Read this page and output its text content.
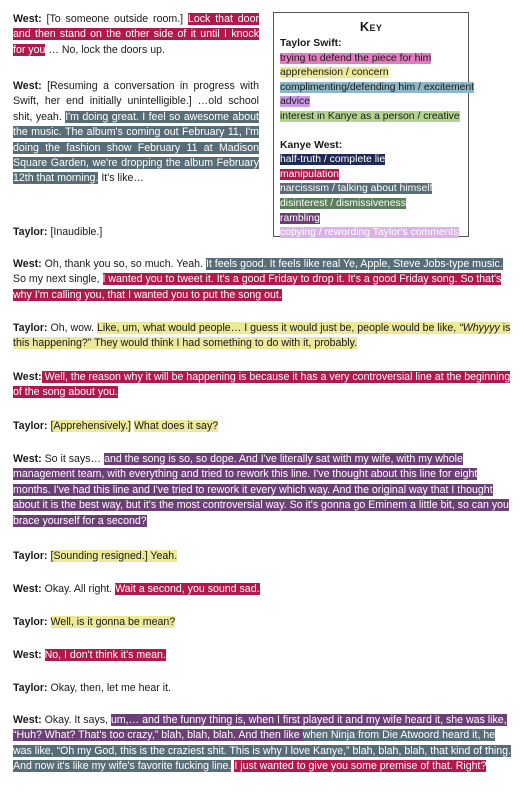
Key
Taylor Swift:
trying to defend the piece for him
apprehension / concern
complimenting/defending him / excitement
advice
interest in Kanye as a person / creative
Kanye West:
half-truth / complete lie
manipulation
narcissism / talking about himself
disinterest / dismissiveness
rambling
copying / rewording Taylor's comments

West: [To someone outside room.] Lock that door and then stand on the other side of it until I knock for you … No, lock the doors up.

West: [Resuming a conversation in progress with Swift, her end initially unintelligible.] …old school shit, yeah. I'm doing great. I feel so awesome about the music. The album's coming out February 11, I'm doing the fashion show February 11 at Madison Square Garden, we're dropping the album February 12th that morning. It's like…

Taylor: [Inaudible.]

West: Oh, thank you so, so much. Yeah. It feels good. It feels like real Ye, Apple, Steve Jobs-type music. So my next single, I wanted you to tweet it. It's a good Friday to drop it. It's a good Friday song. So that's why I'm calling you, that I wanted you to put the song out.

Taylor: Oh, wow. Like, um, what would people… I guess it would just be, people would be like, “Whyyyy is this happening?” They would think I had something to do with it, probably.

West: Well, the reason why it will be happening is because it has a very controversial line at the beginning of the song about you.

Taylor: [Apprehensively.] What does it say?

West: So it says… and the song is so, so dope. And I've literally sat with my wife, with my whole management team, with everything and tried to rework this line. I've thought about this line for eight months. I've had this line and I've tried to rework it every which way. And the original way that I thought about it is the best way, but it's the most controversial way. So it's gonna go Eminem a little bit, so can you brace yourself for a second?

Taylor: [Sounding resigned.] Yeah.

West: Okay. All right. Wait a second, you sound sad.

Taylor: Well, is it gonna be mean?

West: No, I don't think it's mean.

Taylor: Okay, then, let me hear it.

West: Okay. It says, um,… and the funny thing is, when I first played it and my wife heard it, she was like, “Huh? What? That's too crazy,” blah, blah, blah. And then like when Ninja from Die Atwoord heard it, he was like, “Oh my God, this is the craziest shit. This is why I love Kanye,” blah, blah, blah, that kind of thing. And now it's like my wife's favorite fucking line. I just wanted to give you some premise of that. Right?
